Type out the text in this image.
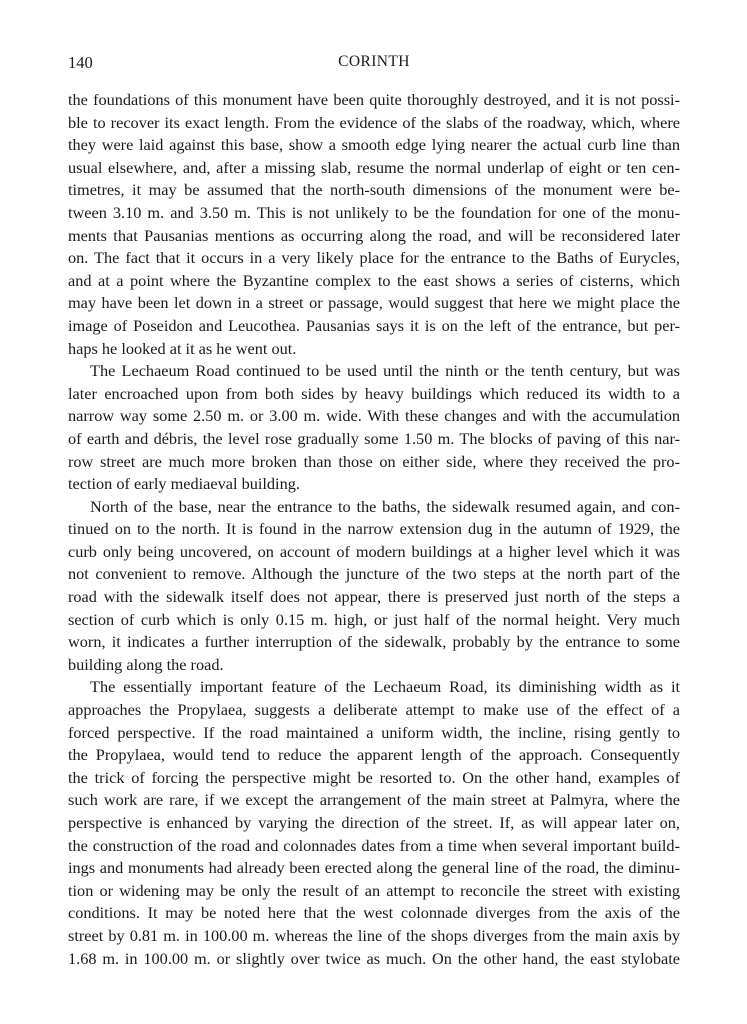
140	CORINTH
the foundations of this monument have been quite thoroughly destroyed, and it is not possi-
ble to recover its exact length. From the evidence of the slabs of the roadway, which, where
they were laid against this base, show a smooth edge lying nearer the actual curb line than
usual elsewhere, and, after a missing slab, resume the normal underlap of eight or ten cen-
timetres, it may be assumed that the north-south dimensions of the monument were be-
tween 3.10 m. and 3.50 m. This is not unlikely to be the foundation for one of the monu-
ments that Pausanias mentions as occurring along the road, and will be reconsidered later
on. The fact that it occurs in a very likely place for the entrance to the Baths of Eurycles,
and at a point where the Byzantine complex to the east shows a series of cisterns, which
may have been let down in a street or passage, would suggest that here we might place the
image of Poseidon and Leucothea. Pausanias says it is on the left of the entrance, but per-
haps he looked at it as he went out.
The Lechaeum Road continued to be used until the ninth or the tenth century, but was
later encroached upon from both sides by heavy buildings which reduced its width to a
narrow way some 2.50 m. or 3.00 m. wide. With these changes and with the accumulation
of earth and débris, the level rose gradually some 1.50 m. The blocks of paving of this nar-
row street are much more broken than those on either side, where they received the pro-
tection of early mediaeval building.
North of the base, near the entrance to the baths, the sidewalk resumed again, and con-
tinued on to the north. It is found in the narrow extension dug in the autumn of 1929, the
curb only being uncovered, on account of modern buildings at a higher level which it was
not convenient to remove. Although the juncture of the two steps at the north part of the
road with the sidewalk itself does not appear, there is preserved just north of the steps a
section of curb which is only 0.15 m. high, or just half of the normal height. Very much
worn, it indicates a further interruption of the sidewalk, probably by the entrance to some
building along the road.
The essentially important feature of the Lechaeum Road, its diminishing width as it
approaches the Propylaea, suggests a deliberate attempt to make use of the effect of a
forced perspective. If the road maintained a uniform width, the incline, rising gently to
the Propylaea, would tend to reduce the apparent length of the approach. Consequently
the trick of forcing the perspective might be resorted to. On the other hand, examples of
such work are rare, if we except the arrangement of the main street at Palmyra, where the
perspective is enhanced by varying the direction of the street. If, as will appear later on,
the construction of the road and colonnades dates from a time when several important build-
ings and monuments had already been erected along the general line of the road, the diminu-
tion or widening may be only the result of an attempt to reconcile the street with existing
conditions. It may be noted here that the west colonnade diverges from the axis of the
street by 0.81 m. in 100.00 m. whereas the line of the shops diverges from the main axis by
1.68 m. in 100.00 m. or slightly over twice as much. On the other hand, the east stylobate
